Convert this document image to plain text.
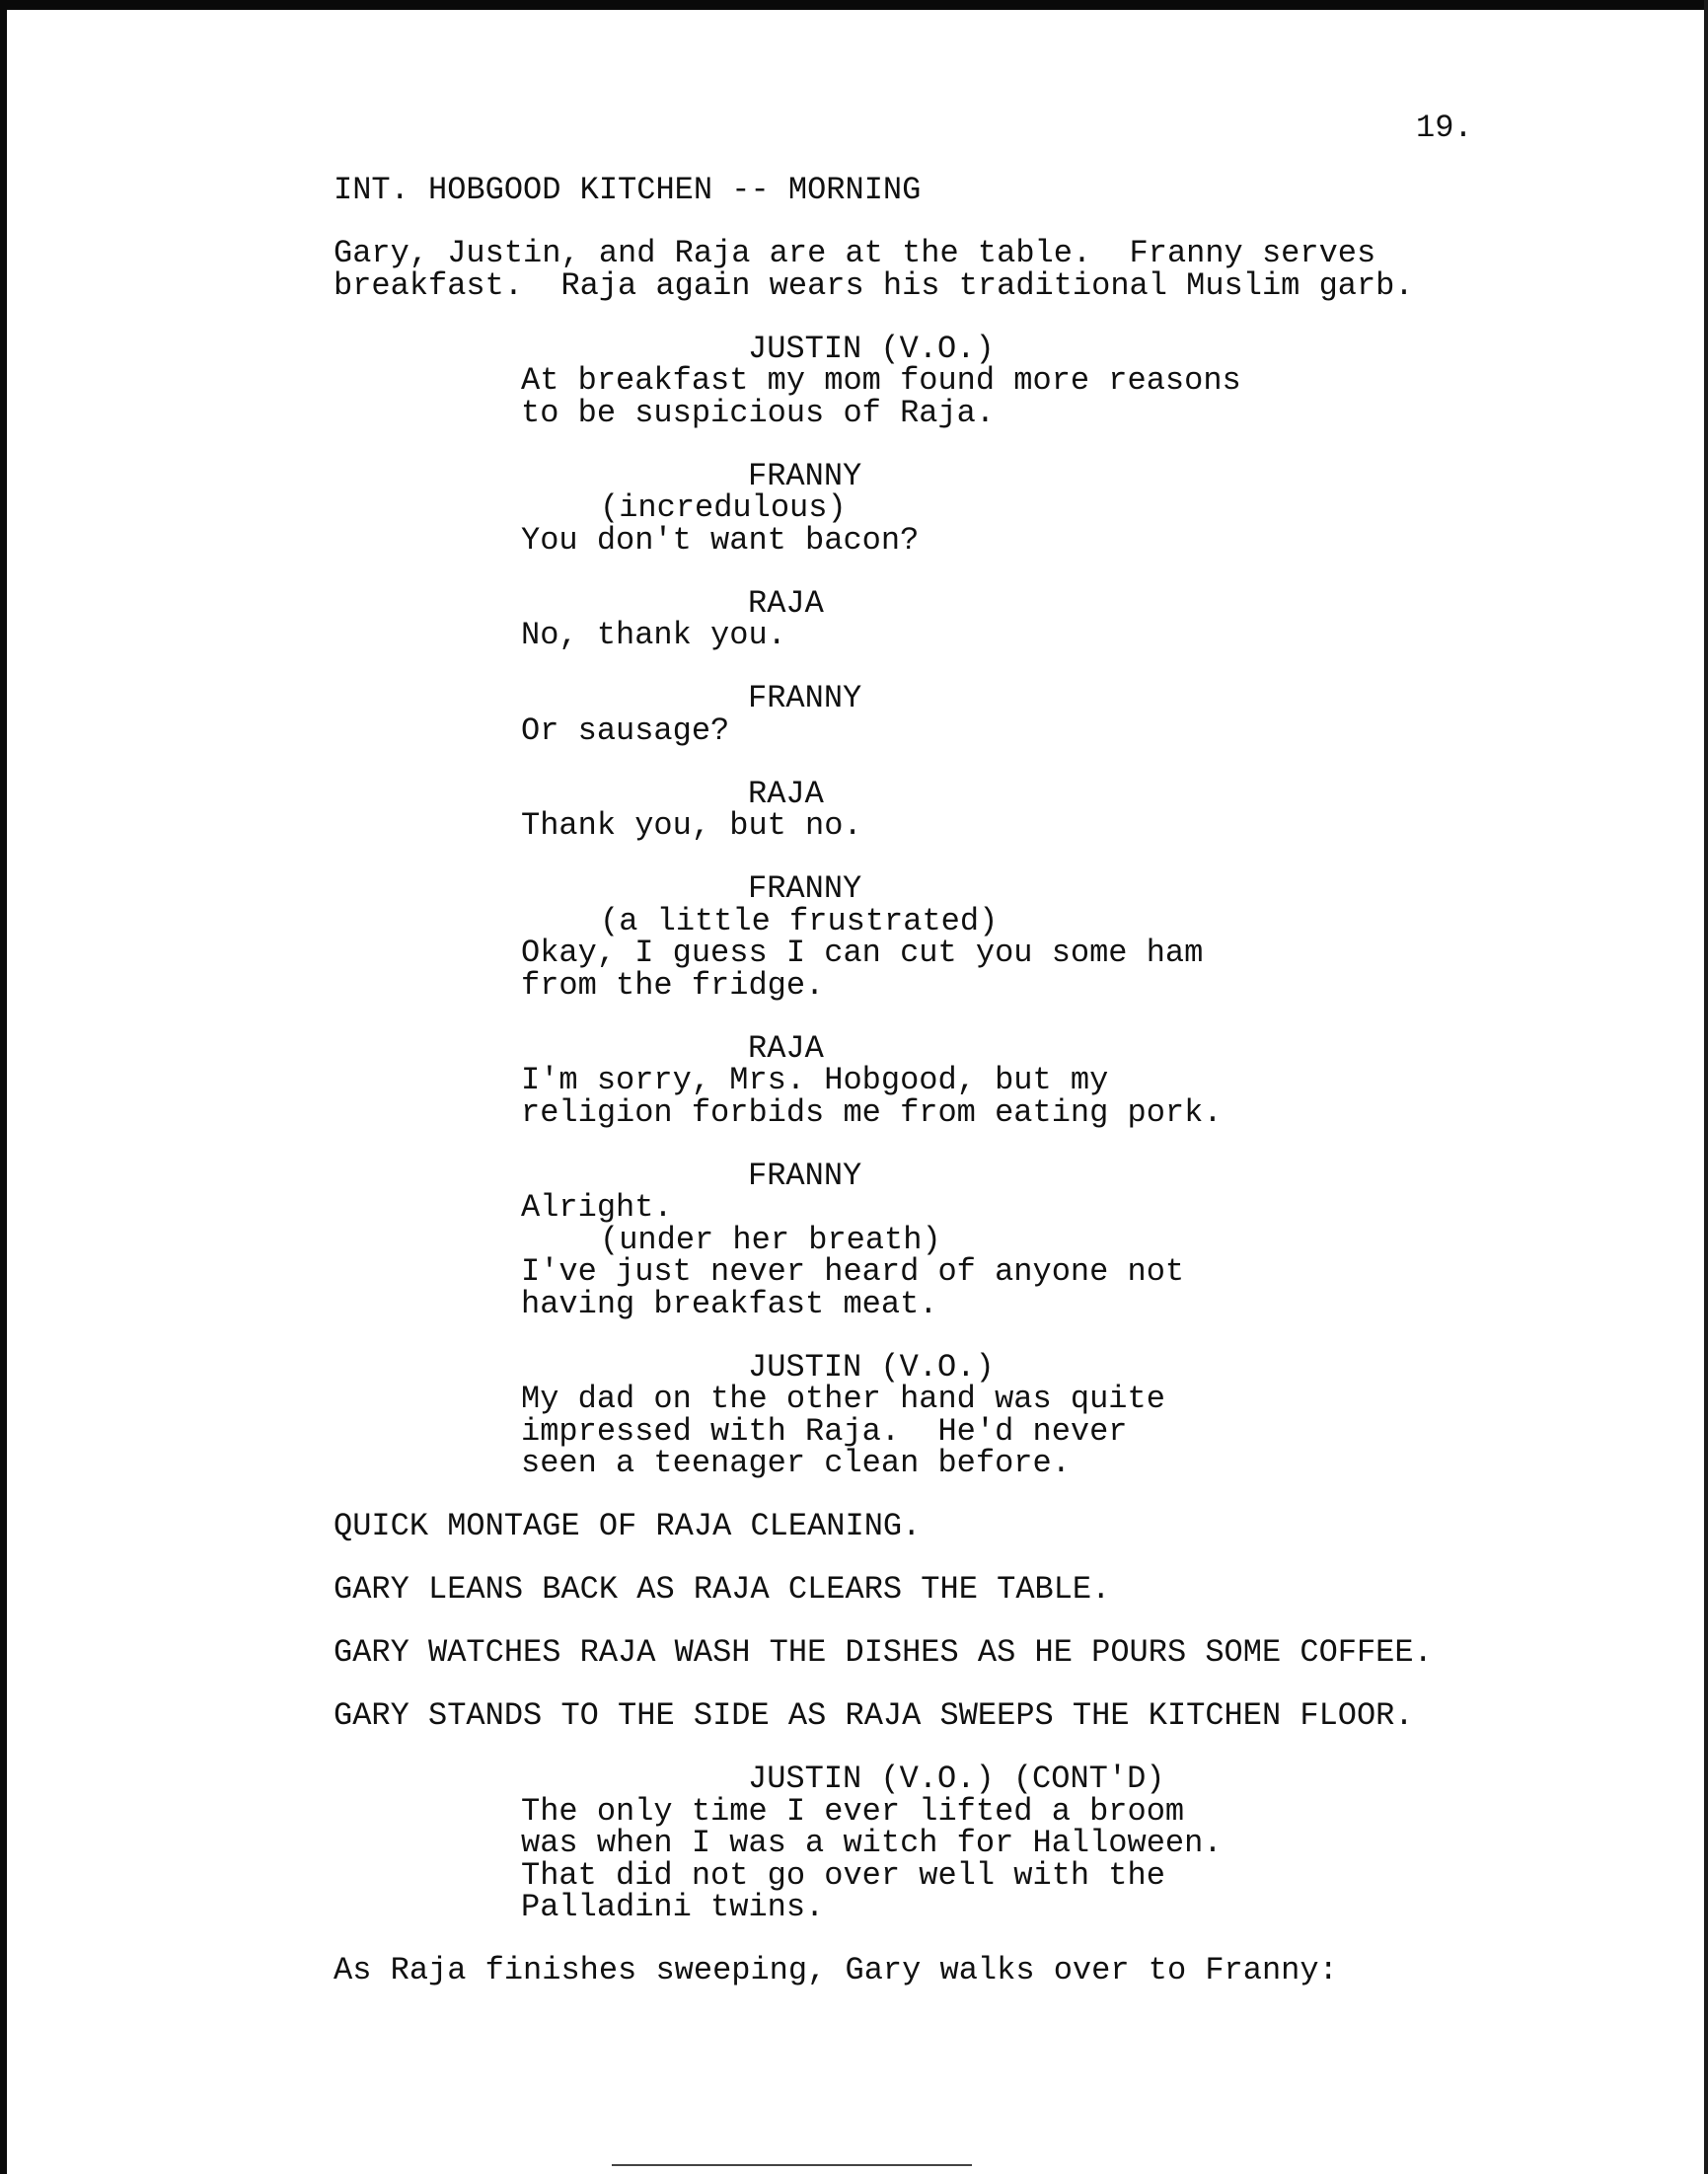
19.
INT. HOBGOOD KITCHEN -- MORNING
Gary, Justin, and Raja are at the table.  Franny serves
breakfast.  Raja again wears his traditional Muslim garb.
JUSTIN (V.O.)
At breakfast my mom found more reasons
to be suspicious of Raja.
FRANNY
(incredulous)
You don't want bacon?
RAJA
No, thank you.
FRANNY
Or sausage?
RAJA
Thank you, but no.
FRANNY
(a little frustrated)
Okay, I guess I can cut you some ham
from the fridge.
RAJA
I'm sorry, Mrs. Hobgood, but my
religion forbids me from eating pork.
FRANNY
Alright.
(under her breath)
I've just never heard of anyone not
having breakfast meat.
JUSTIN (V.O.)
My dad on the other hand was quite
impressed with Raja.  He'd never
seen a teenager clean before.
QUICK MONTAGE OF RAJA CLEANING.
GARY LEANS BACK AS RAJA CLEARS THE TABLE.
GARY WATCHES RAJA WASH THE DISHES AS HE POURS SOME COFFEE.
GARY STANDS TO THE SIDE AS RAJA SWEEPS THE KITCHEN FLOOR.
JUSTIN (V.O.) (CONT'D)
The only time I ever lifted a broom
was when I was a witch for Halloween.
That did not go over well with the
Palladini twins.
As Raja finishes sweeping, Gary walks over to Franny:
